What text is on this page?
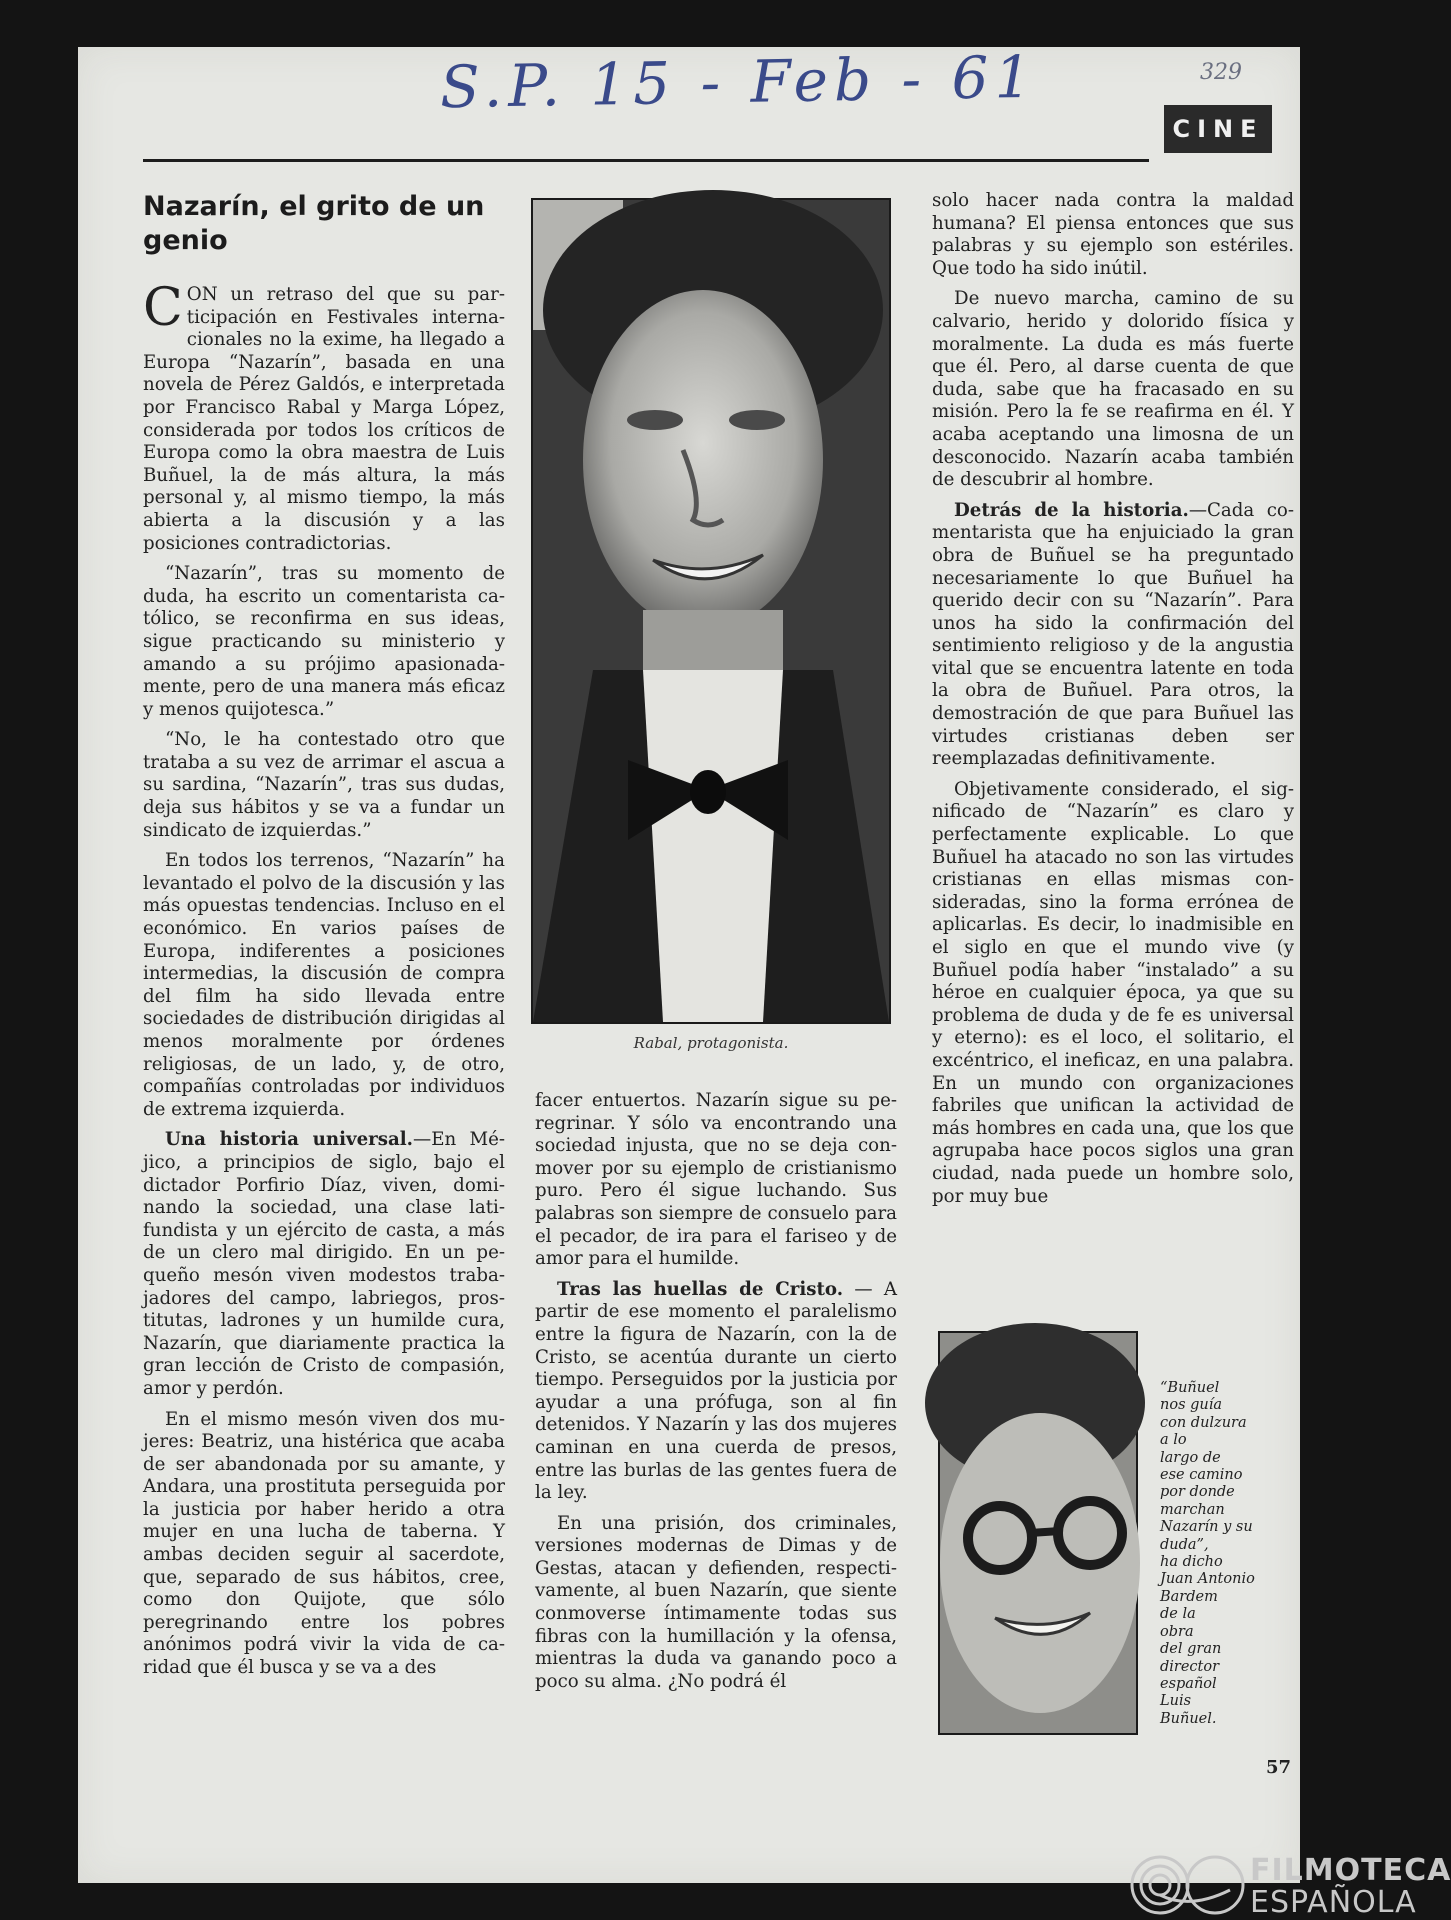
S.P. 15 - Feb - 61	329
CINE
Nazarín, el grito de un genio

CON un retraso del que su participación en Festivales internacionales no la exime, ha llegado a Europa “Nazarín”, basada en una novela de Pérez Galdós, e interpretada por Francisco Rabal y Marga López, considerada por todos los críticos de Europa como la obra maestra de Luis Buñuel, la de más altura, la más personal y, al mismo tiempo, la más abierta a la discusión y a las posiciones contradictorias.

“Nazarín”, tras su momento de duda, ha escrito un comentarista católico, se reconfirma en sus ideas, sigue practicando su ministerio y amando a su prójimo apasionadamente, pero de una manera más eficaz y menos quijotesca.”

“No, le ha contestado otro que trataba a su vez de arrimar el ascua a su sardina, “Nazarín”, tras sus dudas, deja sus hábitos y se va a fundar un sindicato de izquierdas.”

En todos los terrenos, “Nazarín” ha levantado el polvo de la discusión y las más opuestas tendencias. Incluso en el económico. En varios países de Europa, indiferentes a posiciones intermedias, la discusión de compra del film ha sido llevada entre sociedades de distribución dirigidas al menos moralmente por órdenes religiosas, de un lado, y, de otro, compañías controladas por individuos de extrema izquierda.

Una historia universal.—En Méjico, a principios de siglo, bajo el dictador Porfirio Díaz, viven, dominando la sociedad, una clase latifundista y un ejército de casta, a más de un clero mal dirigido. En un pequeño mesón viven modestos trabajadores del campo, labriegos, prostitutas, ladrones y un humilde cura, Nazarín, que diariamente practica la gran lección de Cristo de compasión, amor y perdón.

En el mismo mesón viven dos mujeres: Beatriz, una histérica que acaba de ser abandonada por su amante, y Andara, una prostituta perseguida por la justicia por haber herido a otra mujer en una lucha de taberna. Y ambas deciden seguir al sacerdote, que, separado de sus hábitos, cree, como don Quijote, que sólo peregrinando entre los pobres anónimos podrá vivir la vida de caridad que él busca y se va a des

Rabal, protagonista.

facer entuertos. Nazarín sigue su peregrinar. Y sólo va encontrando una sociedad injusta, que no se deja conmover por su ejemplo de cristianismo puro. Pero él sigue luchando. Sus palabras son siempre de consuelo para el pecador, de ira para el fariseo y de amor para el humilde.

Tras las huellas de Cristo. — A partir de ese momento el paralelismo entre la figura de Nazarín, con la de Cristo, se acentúa durante un cierto tiempo. Perseguidos por la justicia por ayudar a una prófuga, son al fin detenidos. Y Nazarín y las dos mujeres caminan en una cuerda de presos, entre las burlas de las gentes fuera de la ley.

En una prisión, dos criminales, versiones modernas de Dimas y de Gestas, atacan y defienden, respectivamente, al buen Nazarín, que siente conmoverse íntimamente todas sus fibras con la humillación y la ofensa, mientras la duda va ganando poco a poco su alma. ¿No podrá él

solo hacer nada contra la maldad humana? El piensa entonces que sus palabras y su ejemplo son estériles. Que todo ha sido inútil.

De nuevo marcha, camino de su calvario, herido y dolorido física y moralmente. La duda es más fuerte que él. Pero, al darse cuenta de que duda, sabe que ha fracasado en su misión. Pero la fe se reafirma en él. Y acaba aceptando una limosna de un desconocido. Nazarín acaba también de descubrir al hombre.

Detrás de la historia.—Cada comentarista que ha enjuiciado la gran obra de Buñuel se ha preguntado necesariamente lo que Buñuel ha querido decir con su “Nazarín”. Para unos ha sido la confirmación del sentimiento religioso y de la angustia vital que se encuentra latente en toda la obra de Buñuel. Para otros, la demostración de que para Buñuel las virtudes cristianas deben ser reemplazadas definitivamente.

Objetivamente considerado, el significado de “Nazarín” es claro y perfectamente explicable. Lo que Buñuel ha atacado no son las virtudes cristianas en ellas mismas consideradas, sino la forma errónea de aplicarlas. Es decir, lo inadmisible en el siglo en que el mundo vive (y Buñuel podía haber “instalado” a su héroe en cualquier época, ya que su problema de duda y de fe es universal y eterno): es el loco, el solitario, el excéntrico, el ineficaz, en una palabra. En un mundo con organizaciones fabriles que unifican la actividad de más hombres en cada una, que los que agrupaba hace pocos siglos una gran ciudad, nada puede un hombre solo, por muy bue

“Buñuel
nos guía
con dulzura
a lo
largo de
ese camino
por donde
marchan
Nazarín y su
duda”,
ha dicho
Juan Antonio
Bardem
de la
obra
del gran
director
español
Luis
Buñuel.
57
FILMOTECA
ESPAÑOLA
